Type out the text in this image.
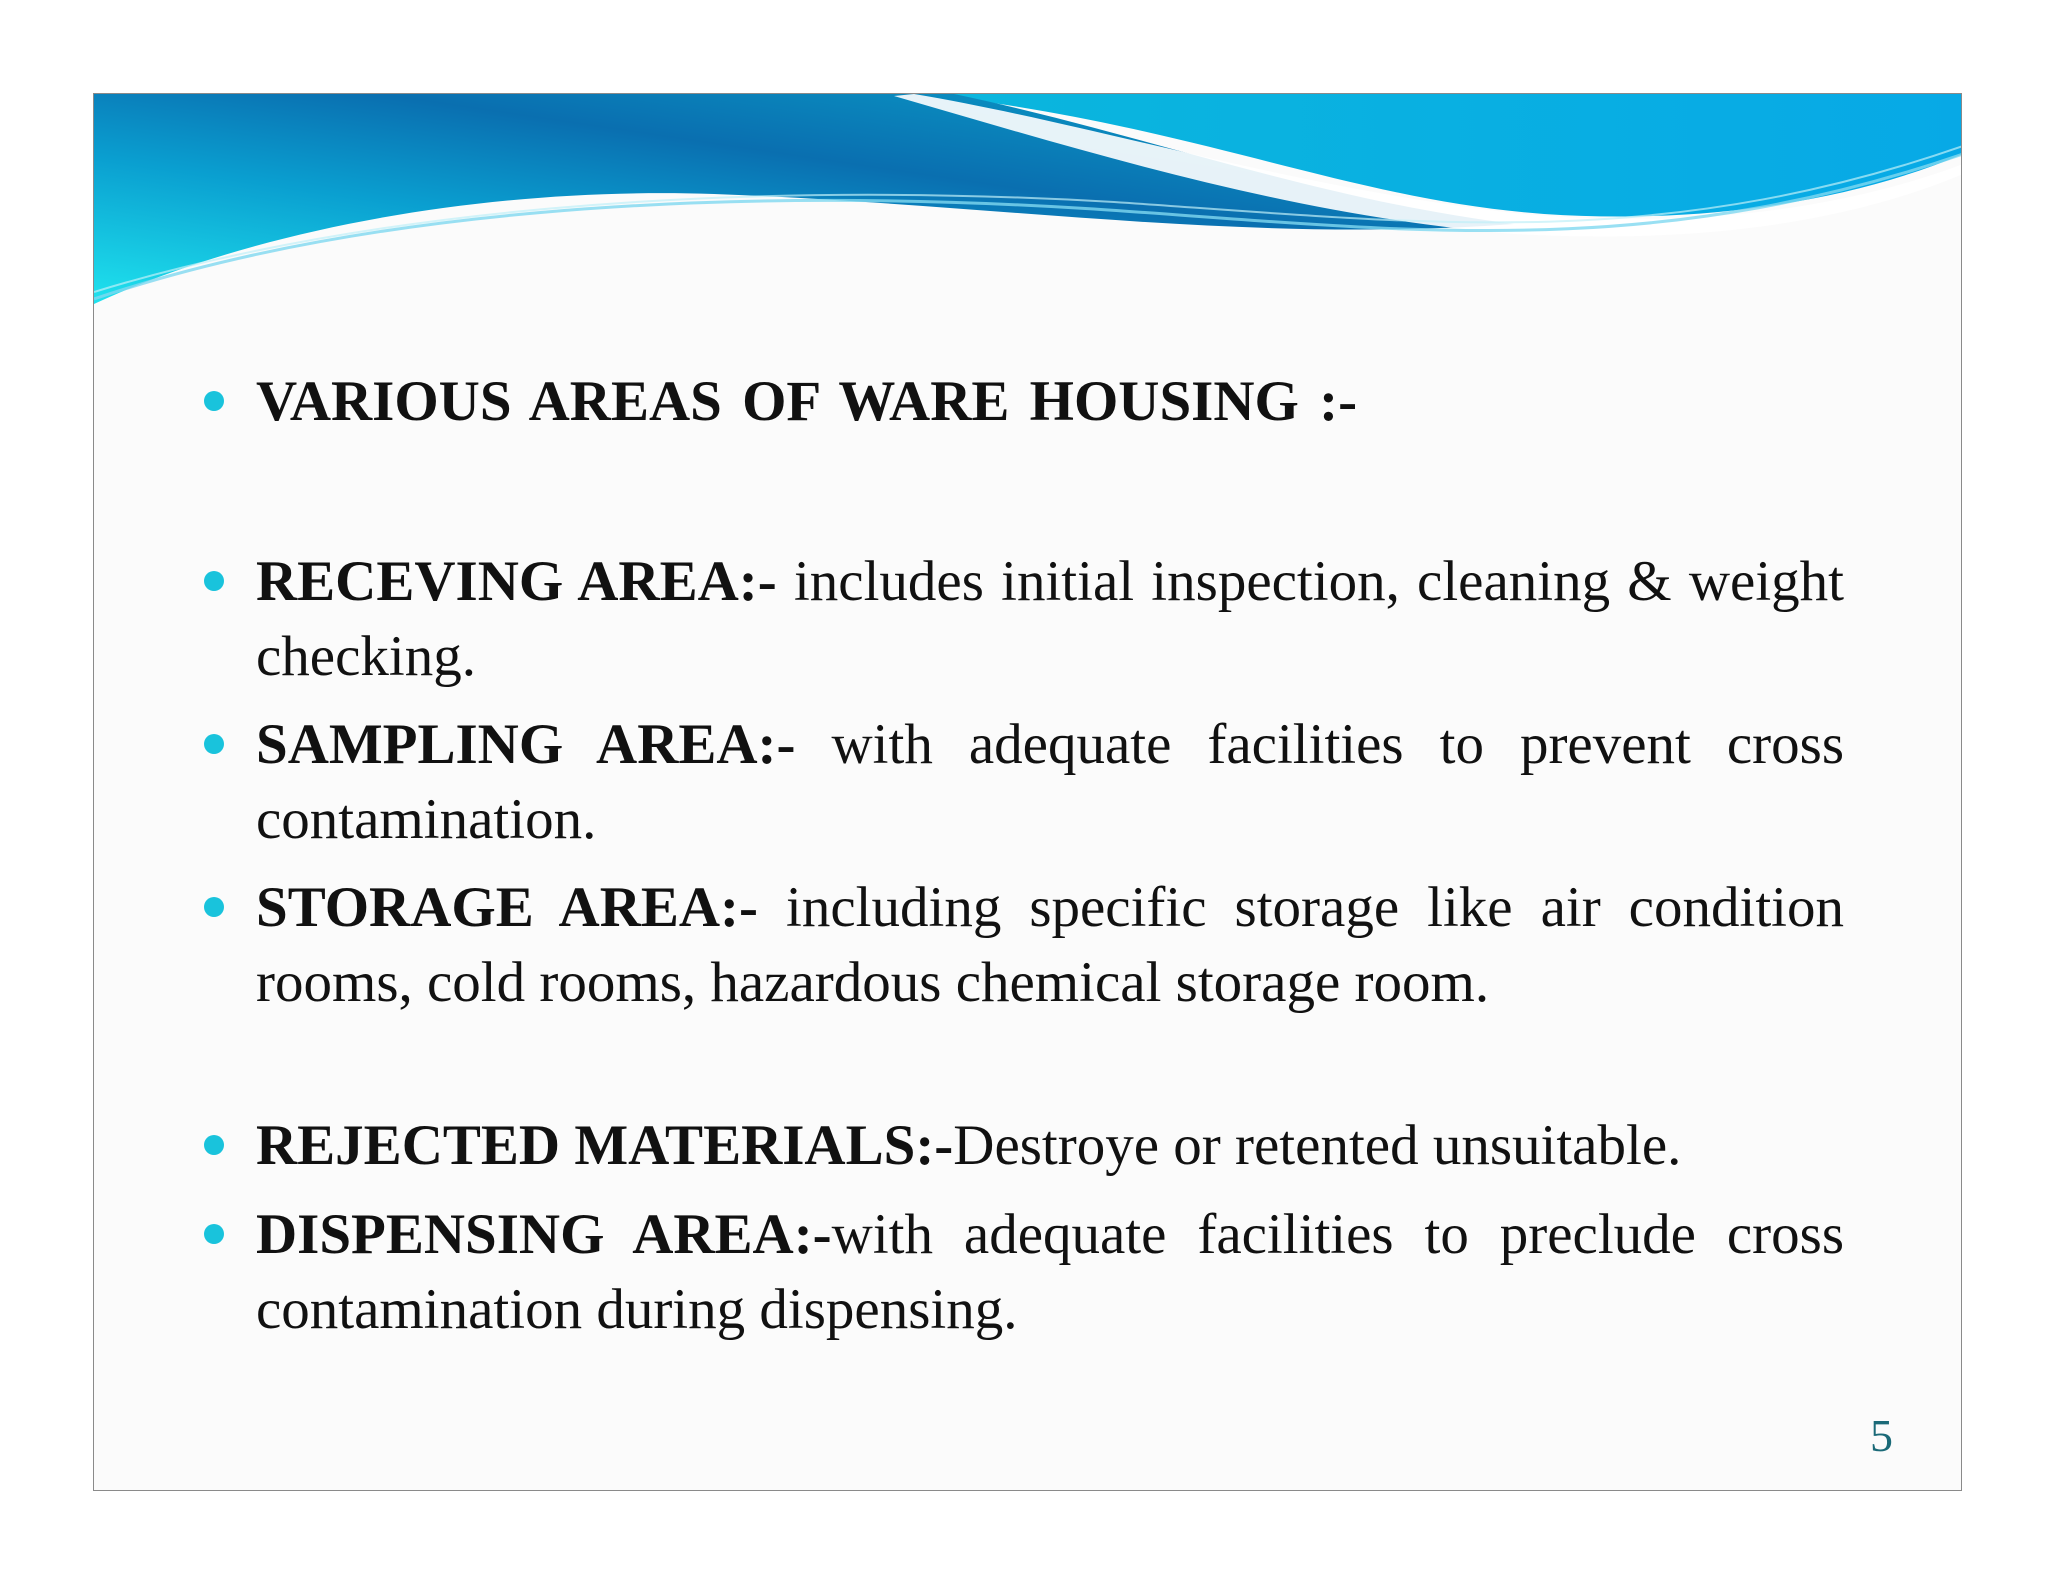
VARIOUS AREAS OF WARE HOUSING :-
RECEVING AREA:- includes initial inspection, cleaning & weight checking.
SAMPLING AREA:- with adequate facilities to prevent cross contamination.
STORAGE AREA:- including specific storage like air condition rooms, cold rooms, hazardous chemical storage room.
REJECTED MATERIALS:-Destroye or retented unsuitable.
DISPENSING AREA:-with adequate facilities to preclude cross contamination during dispensing.
5
